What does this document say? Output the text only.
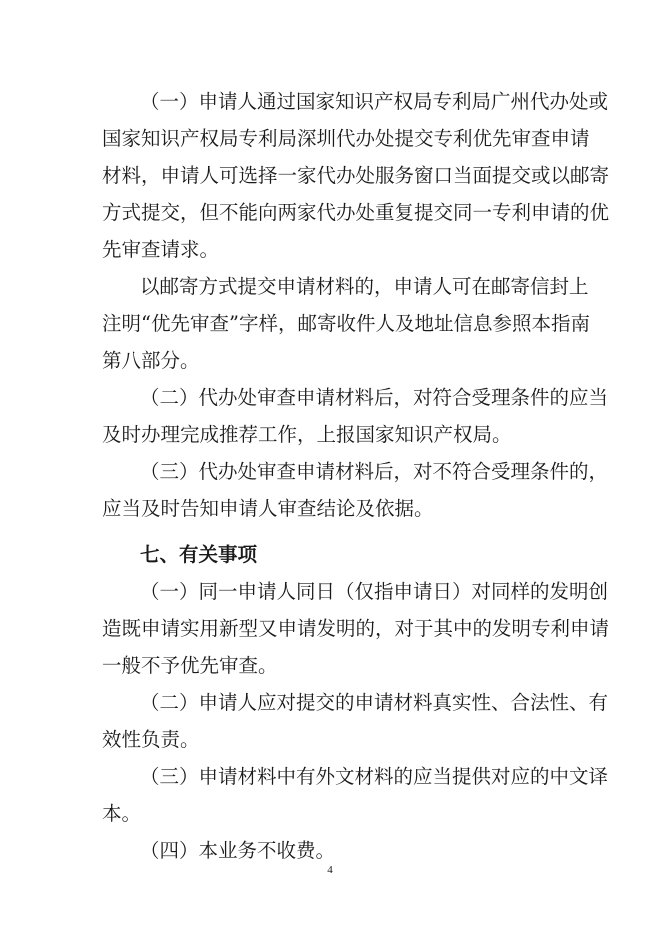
（一）申请人通过国家知识产权局专利局广州代办处或
国家知识产权局专利局深圳代办处提交专利优先审查申请
材料，申请人可选择一家代办处服务窗口当面提交或以邮寄
方式提交，但不能向两家代办处重复提交同一专利申请的优
先审查请求。
以邮寄方式提交申请材料的，申请人可在邮寄信封上
注明“优先审查”字样，邮寄收件人及地址信息参照本指南
第八部分。
（二）代办处审查申请材料后，对符合受理条件的应当
及时办理完成推荐工作，上报国家知识产权局。
（三）代办处审查申请材料后，对不符合受理条件的，
应当及时告知申请人审查结论及依据。
七、有关事项
（一）同一申请人同日（仅指申请日）对同样的发明创
造既申请实用新型又申请发明的，对于其中的发明专利申请
一般不予优先审查。
（二）申请人应对提交的申请材料真实性、合法性、有
效性负责。
（三）申请材料中有外文材料的应当提供对应的中文译
本。
（四）本业务不收费。
4
